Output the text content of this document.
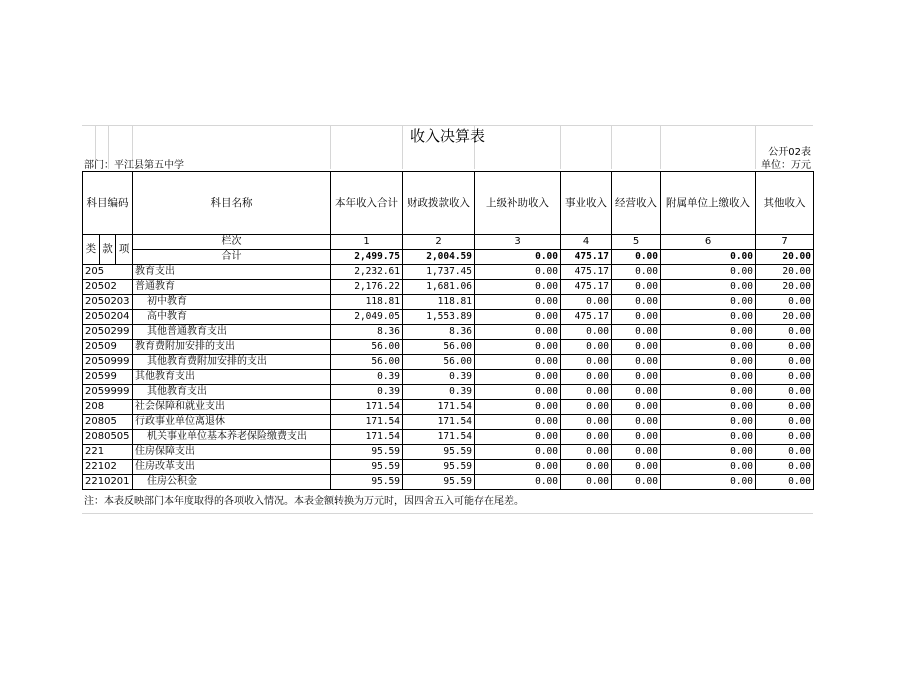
收入决算表
公开02表
部门：平江县第五中学	单位：万元
科目编码	科目名称	本年收入合计	财政拨款收入	上级补助收入	事业收入	经营收入	附属单位上缴收入	其他收入

类 款 项	栏次	1	2	3	4	5	6	7
	合计	2,499.75	2,004.59	0.00	475.17	0.00	0.00	20.00
205	教育支出	2,232.61	1,737.45	0.00	475.17	0.00	0.00	20.00
20502	普通教育	2,176.22	1,681.06	0.00	475.17	0.00	0.00	20.00
2050203	初中教育	118.81	118.81	0.00	0.00	0.00	0.00	0.00
2050204	高中教育	2,049.05	1,553.89	0.00	475.17	0.00	0.00	20.00
2050299	其他普通教育支出	8.36	8.36	0.00	0.00	0.00	0.00	0.00
20509	教育费附加安排的支出	56.00	56.00	0.00	0.00	0.00	0.00	0.00
2050999	其他教育费附加安排的支出	56.00	56.00	0.00	0.00	0.00	0.00	0.00
20599	其他教育支出	0.39	0.39	0.00	0.00	0.00	0.00	0.00
2059999	其他教育支出	0.39	0.39	0.00	0.00	0.00	0.00	0.00
208	社会保障和就业支出	171.54	171.54	0.00	0.00	0.00	0.00	0.00
20805	行政事业单位离退休	171.54	171.54	0.00	0.00	0.00	0.00	0.00
2080505	机关事业单位基本养老保险缴费支出	171.54	171.54	0.00	0.00	0.00	0.00	0.00
221	住房保障支出	95.59	95.59	0.00	0.00	0.00	0.00	0.00
22102	住房改革支出	95.59	95.59	0.00	0.00	0.00	0.00	0.00
2210201	住房公积金	95.59	95.59	0.00	0.00	0.00	0.00	0.00
注：本表反映部门本年度取得的各项收入情况。本表金额转换为万元时，因四舍五入可能存在尾差。
